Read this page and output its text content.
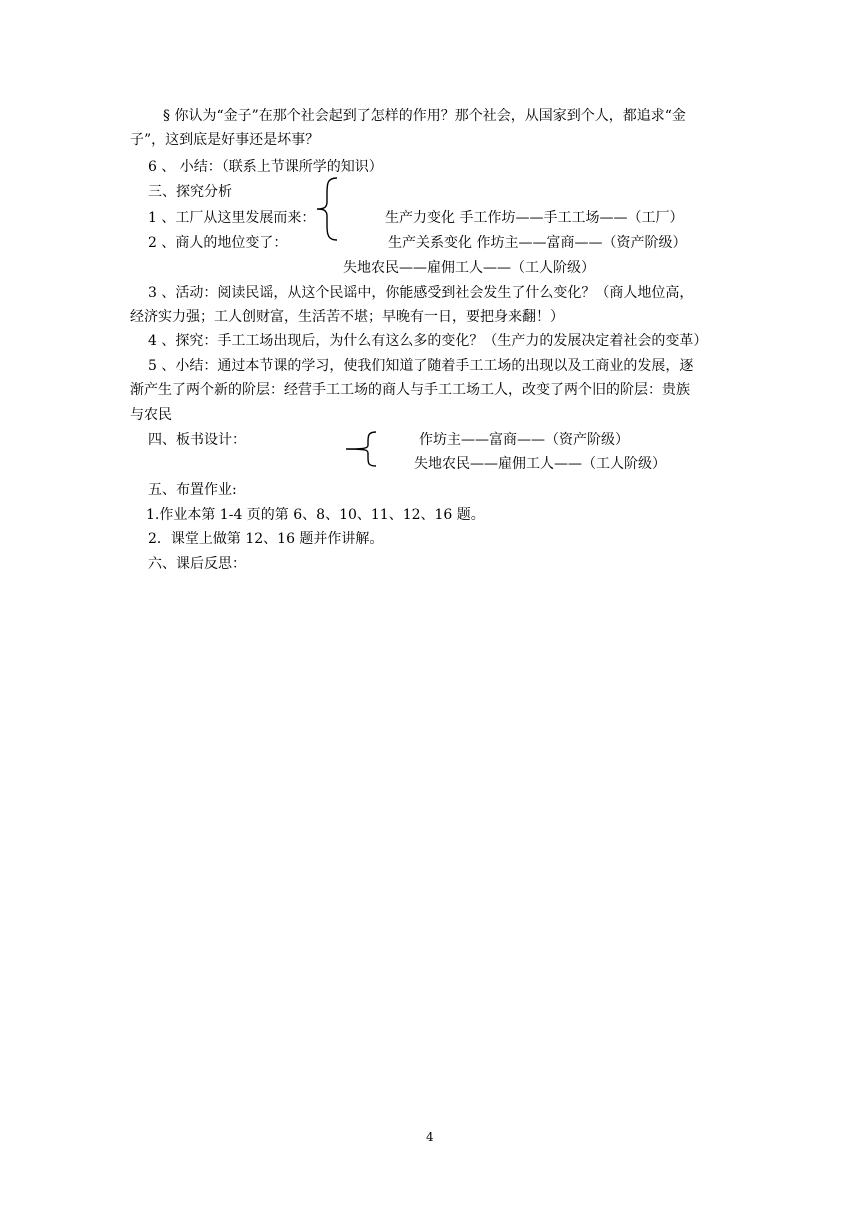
§ 你认为“金子”在那个社会起到了怎样的作用？那个社会，从国家到个人，都追求“金
子”，这到底是好事还是坏事？
6 、 小结：（联系上节课所学的知识）
三、探究分析
1 、工厂从这里发展而来：	生产力变化 手工作坊——手工工场——（工厂）
2 、商人的地位变了：	生产关系变化 作坊主——富商——（资产阶级）
失地农民——雇佣工人——（工人阶级）
3 、活动：阅读民谣，从这个民谣中，你能感受到社会发生了什么变化？（商人地位高，
经济实力强；工人创财富，生活苦不堪；早晚有一日，要把身来翻！）
4 、探究：手工工场出现后，为什么有这么多的变化？（生产力的发展决定着社会的变革）
5 、小结：通过本节课的学习，使我们知道了随着手工工场的出现以及工商业的发展，逐
渐产生了两个新的阶层：经营手工工场的商人与手工工场工人，改变了两个旧的阶层：贵族
与农民
四、板书设计：	作坊主——富商——（资产阶级）
失地农民——雇佣工人——（工人阶级）
五、布置作业:
1.作业本第 1-4 页的第 6、8、10、11、12、16 题。
2．课堂上做第 12、16 题并作讲解。
六、课后反思：
4
